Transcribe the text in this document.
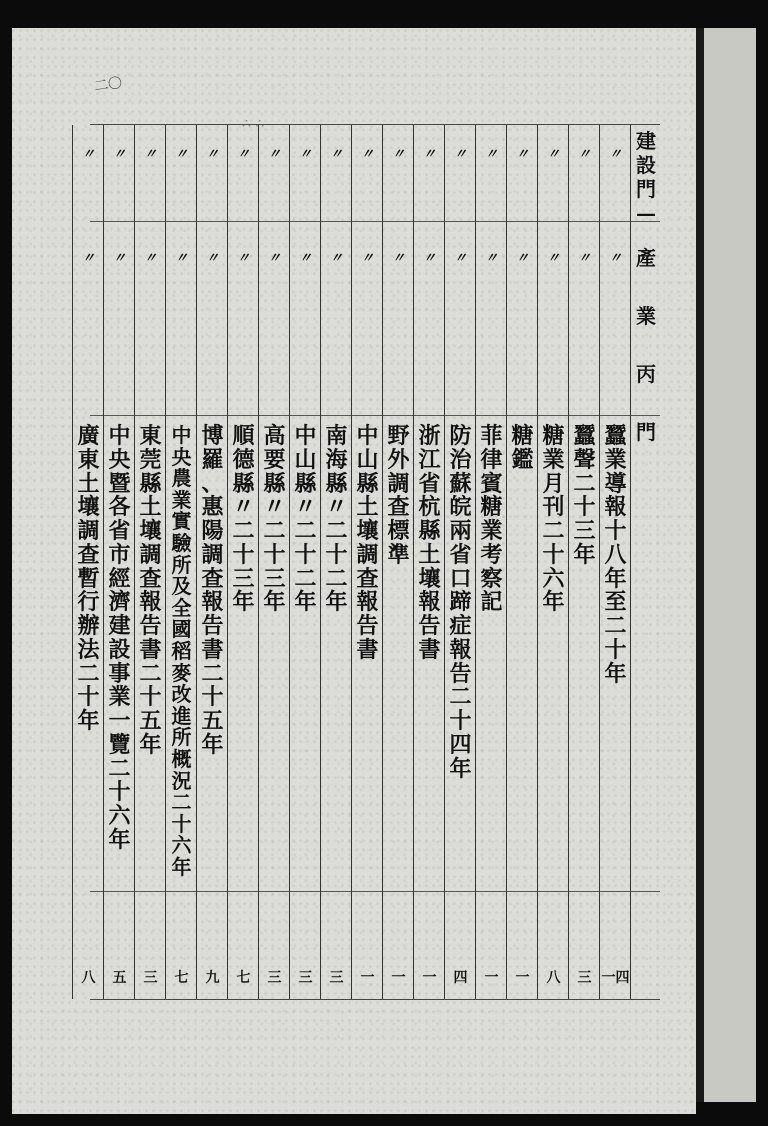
二〇
∴ ∴
建
設
門
—
產
業
丙
門
〃
〃
蠶
業
導
報
十
八
年
至
二
十
年
一四
〃
〃
蠶
聲
二
十
三
年
三
〃
〃
糖
業
月
刊
二
十
六
年
八
〃
〃
糖
鑑
一
〃
〃
菲
律
賓
糖
業
考
察
記
一
〃
〃
防
治
蘇
皖
兩
省
口
蹄
症
報
告
二
十
四
年
四
〃
〃
浙
江
省
杭
縣
土
壤
報
告
書
一
〃
〃
野
外
調
查
標
準
一
〃
〃
中
山
縣
土
壤
調
查
報
告
書
一
〃
〃
南
海
縣
〃
二
十
二
年
三
〃
〃
中
山
縣
〃
二
十
二
年
三
〃
〃
高
要
縣
〃
二
十
三
年
三
〃
〃
順
德
縣
〃
二
十
三
年
七
〃
〃
博
羅
、
惠
陽
調
查
報
告
書
二
十
五
年
九
〃
〃
中
央
農
業
實
驗
所
及
全
國
稻
麥
改
進
所
概
況
二
十
六
年
七
〃
〃
東
莞
縣
土
壤
調
查
報
告
書
二
十
五
年
三
〃
〃
中
央
暨
各
省
市
經
濟
建
設
事
業
一
覽
二
十
六
年
五
〃
〃
廣
東
土
壤
調
查
暫
行
辦
法
二
十
年
八
